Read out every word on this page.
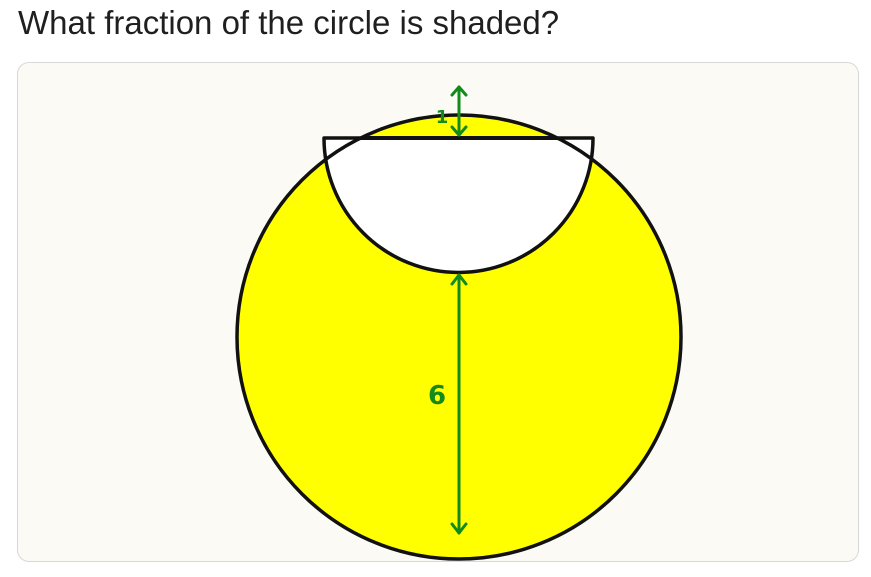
What fraction of the circle is shaded?
1
6
